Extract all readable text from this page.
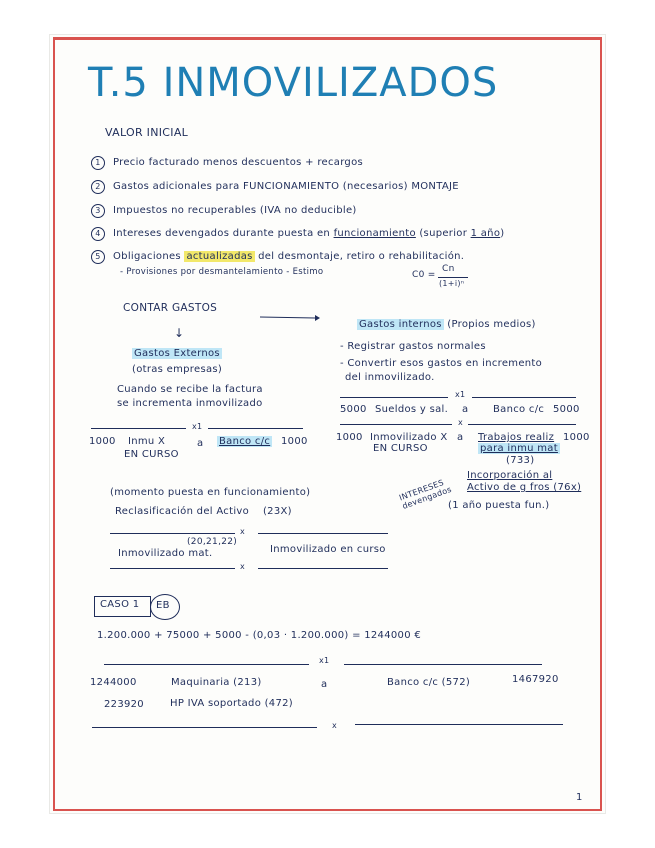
T.5 INMOVILIZADOS
VALOR INICIAL
1 Precio facturado menos descuentos + recargos
2 Gastos adicionales para FUNCIONAMIENTO (necesarios) MONTAJE
3 Impuestos no recuperables (IVA no deducible)
4 Intereses devengados durante puesta en funcionamiento (superior 1 año)
5 Obligaciones actualizadas del desmontaje, retiro o rehabilitación.
- Provisiones por desmantelamiento - Estimo	C0 =
Cn
(1+i)ⁿ
CONTAR GASTOS
↓
Gastos Externos
(otras empresas)
Cuando se recibe la factura
se incrementa inmovilizado
Gastos internos (Propios medios)
- Registrar gastos normales
- Convertir esos gastos en incremento
del inmovilizado.
x1
1000 Inmu X
EN CURSO
a Banco c/c 1000
x1
5000 Sueldos y sal. a Banco c/c 5000
x
1000 Inmovilizado X
EN CURSO
a Trabajos realiz 1000
para inmu mat
(733)
(momento puesta en funcionamiento)
Reclasificación del Activo (23X)
INTERESES devengados
Incorporación al
Activo de g fros (76x)
(1 año puesta fun.)
x
(20,21,22)
Inmovilizado mat.	Inmovilizado en curso
x
CASO 1 EB
1.200.000 + 75000 + 5000 - (0,03 · 1.200.000) = 1244000 €
x1
1244000	Maquinaria (213)	a	Banco c/c (572)	1467920
223920	HP IVA soportado (472)
x
1
